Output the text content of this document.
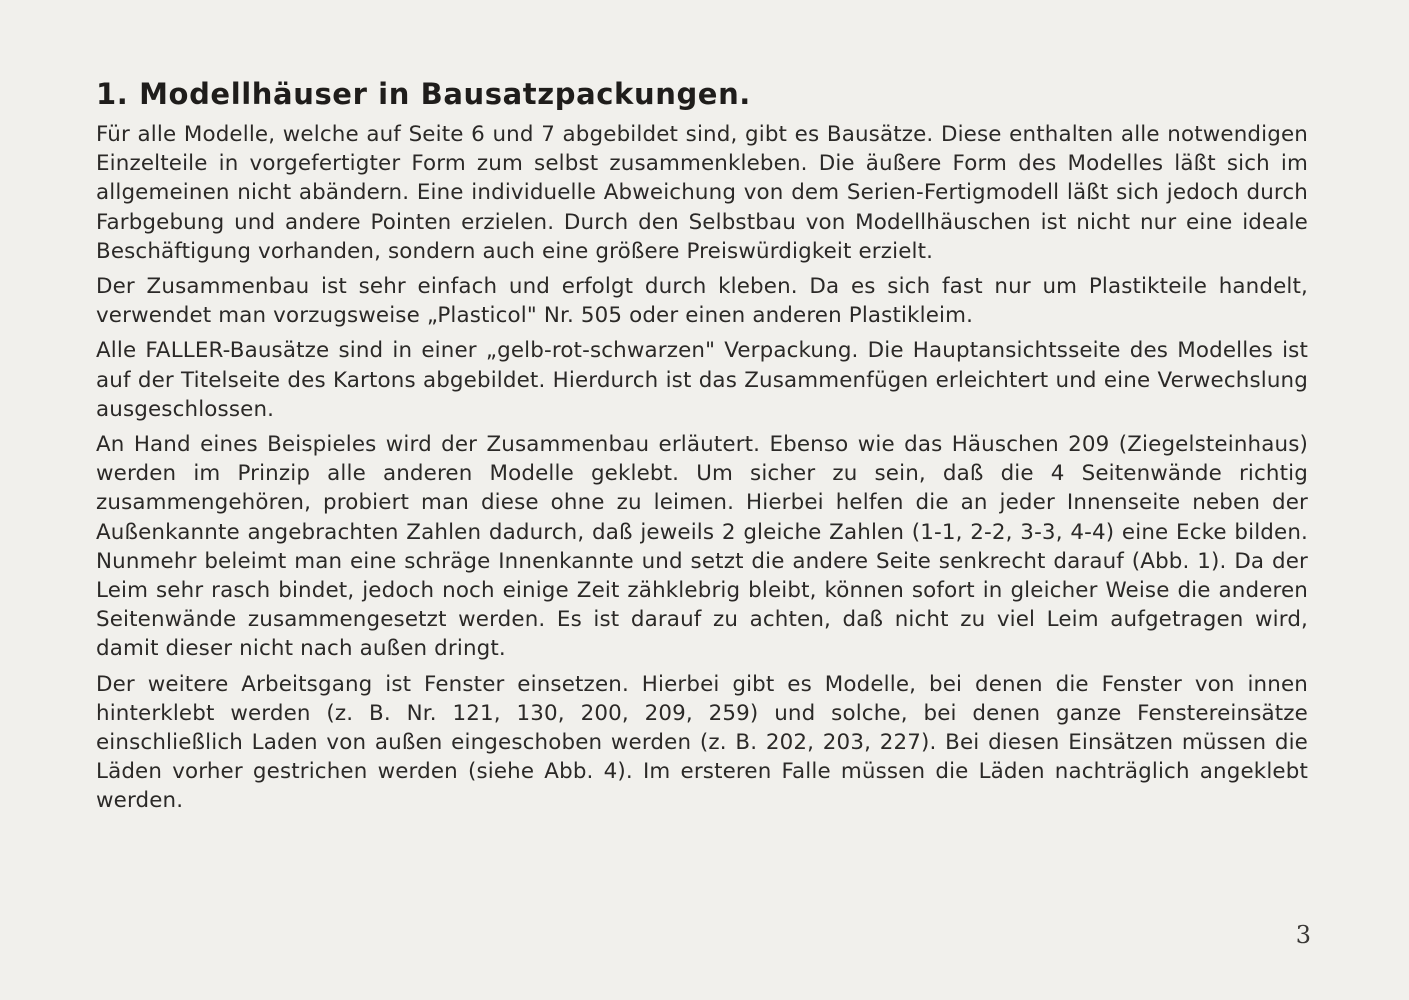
1. Modellhäuser in Bausatzpackungen.

Für alle Modelle, welche auf Seite 6 und 7 abgebildet sind, gibt es Bausätze. Diese enthalten alle notwendigen Einzelteile in vorgefertigter Form zum selbst zusammenkleben. Die äußere Form des Modelles läßt sich im allgemeinen nicht abändern. Eine individuelle Abweichung von dem Serien-Fertigmodell läßt sich jedoch durch Farbgebung und andere Pointen erzielen. Durch den Selbstbau von Modellhäuschen ist nicht nur eine ideale Beschäftigung vorhanden, sondern auch eine größere Preiswürdigkeit erzielt.

Der Zusammenbau ist sehr einfach und erfolgt durch kleben. Da es sich fast nur um Plastikteile handelt, verwendet man vorzugsweise „Plasticol" Nr. 505 oder einen anderen Plastikleim.

Alle FALLER-Bausätze sind in einer „gelb-rot-schwarzen" Verpackung. Die Hauptansichtsseite des Modelles ist auf der Titelseite des Kartons abgebildet. Hierdurch ist das Zusammenfügen erleichtert und eine Verwechslung ausgeschlossen.

An Hand eines Beispieles wird der Zusammenbau erläutert. Ebenso wie das Häuschen 209 (Ziegelsteinhaus) werden im Prinzip alle anderen Modelle geklebt. Um sicher zu sein, daß die 4 Seitenwände richtig zusammengehören, probiert man diese ohne zu leimen. Hierbei helfen die an jeder Innenseite neben der Außenkannte angebrachten Zahlen dadurch, daß jeweils 2 gleiche Zahlen (1-1, 2-2, 3-3, 4-4) eine Ecke bilden. Nunmehr beleimt man eine schräge Innenkannte und setzt die andere Seite senkrecht darauf (Abb. 1). Da der Leim sehr rasch bindet, jedoch noch einige Zeit zähklebrig bleibt, können sofort in gleicher Weise die anderen Seitenwände zusammengesetzt werden. Es ist darauf zu achten, daß nicht zu viel Leim aufgetragen wird, damit dieser nicht nach außen dringt.

Der weitere Arbeitsgang ist Fenster einsetzen. Hierbei gibt es Modelle, bei denen die Fenster von innen hinterklebt werden (z. B. Nr. 121, 130, 200, 209, 259) und solche, bei denen ganze Fenstereinsätze einschließlich Laden von außen eingeschoben werden (z. B. 202, 203, 227). Bei diesen Einsätzen müssen die Läden vorher gestrichen werden (siehe Abb. 4). Im ersteren Falle müssen die Läden nachträglich angeklebt werden.

3
